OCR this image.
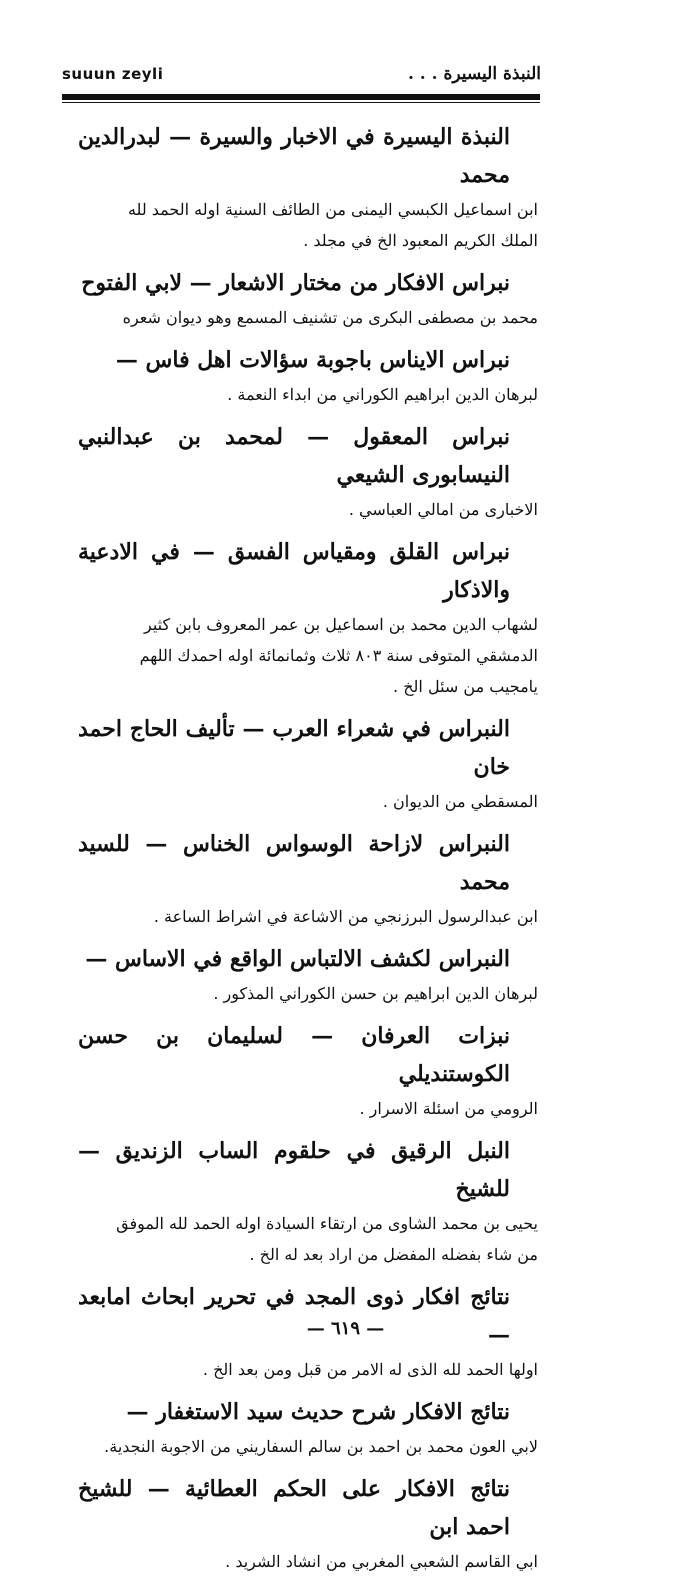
suuun zeyli	النبذة اليسيرة . . .
النبذة اليسيرة في الاخبار والسيرة — لبدرالدين محمد
ابن اسماعيل الكبسي اليمنى من الطائف السنية اوله الحمد لله
الملك الكريم المعبود الخ في مجلد .
نبراس الافكار من مختار الاشعار — لابي الفتوح
محمد بن مصطفى البكرى من تشنيف المسمع وهو ديوان شعره
نبراس الايناس باجوبة سؤالات اهل فاس —
لبرهان الدين ابراهيم الكوراني من ابداء النعمة .
نبراس المعقول — لمحمد بن عبدالنبي النيسابورى الشيعي
الاخبارى من امالي العباسي .
نبراس القلق ومقياس الفسق — في الادعية والاذكار
لشهاب الدين محمد بن اسماعيل بن عمر المعروف بابن كثير
الدمشقي المتوفى سنة ٨٠٣ ثلاث وثمانمائة اوله احمدك اللهم
يامجيب من سئل الخ .
النبراس في شعراء العرب — تأليف الحاج احمد خان
المسقطي من الديوان .
النبراس لازاحة الوسواس الخناس — للسيد محمد
ابن عبدالرسول البرزنجي من الاشاعة في اشراط الساعة .
النبراس لكشف الالتباس الواقع في الاساس —
لبرهان الدين ابراهيم بن حسن الكوراني المذكور .
نبزات العرفان — لسليمان بن حسن الكوستنديلي
الرومي من اسئلة الاسرار .
النبل الرقيق في حلقوم الساب الزنديق — للشيخ
يحيى بن محمد الشاوى من ارتقاء السيادة اوله الحمد لله الموفق
من شاء بفضله المفضل من اراد بعد له الخ .
نتائج افكار ذوى المجد في تحرير ابحاث امابعد —
اولها الحمد لله الذى له الامر من قبل ومن بعد الخ .
نتائج الافكار شرح حديث سيد الاستغفار —
لابي العون محمد بن احمد بن سالم السفاريني من الاجوبة النجدية.
نتائج الافكار على الحكم العطائية — للشيخ احمد ابن
ابي القاسم الشعبي المغربي من انشاد الشريد .
— ٦١٩ —
